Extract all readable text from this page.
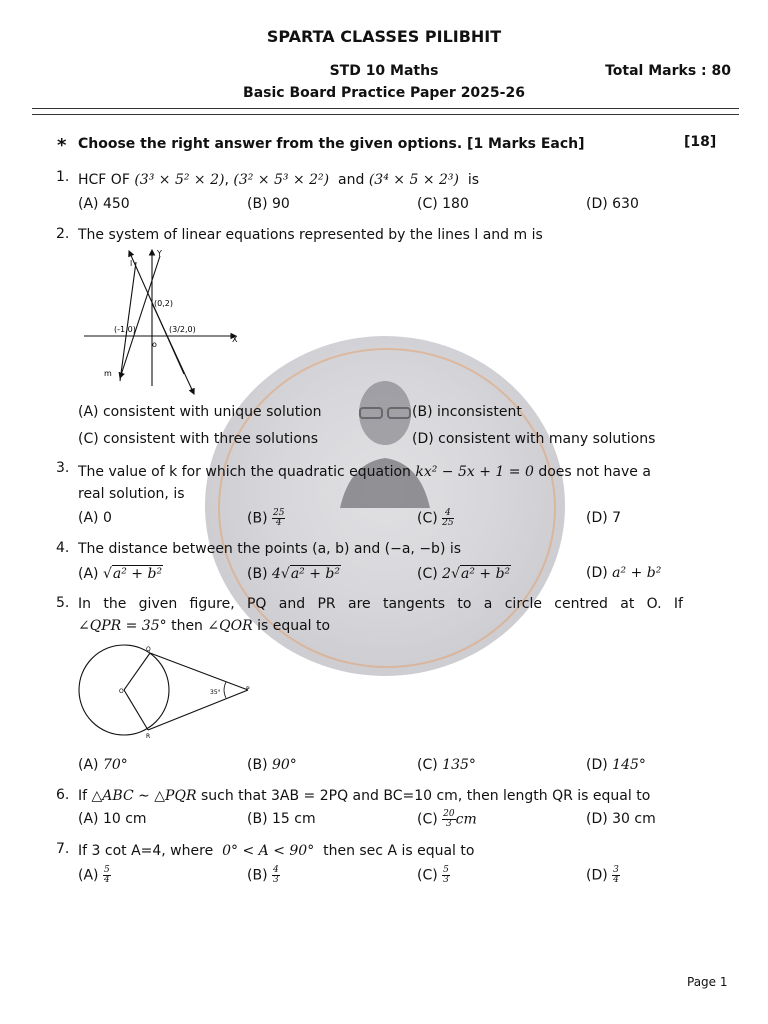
SPARTA CLASSES PILIBHIT
STD 10 Maths	Total Marks : 80
Basic Board Practice Paper 2025-26
* Choose the right answer from the given options. [1 Marks Each]	[18]
1. HCF OF (3³ × 5² × 2), (3² × 5³ × 2²) and (3⁴ × 5 × 2³) is
(A) 450	(B) 90	(C) 180	(D) 630
2. The system of linear equations represented by the lines l and m is
l
Y
(0,2)
(-1,0)	(3/2,0)
X
o
m
(A) consistent with unique solution	(B) inconsistent
(C) consistent with three solutions	(D) consistent with many solutions
3. The value of k for which the quadratic equation kx² − 5x + 1 = 0 does not have a
real solution, is
(A) 0	$(B) \frac{25}{4}$	$(C) \frac{4}{25}$	(D) 7
4. The distance between the points (a, b) and (−a, −b) is
(A) √a² + b²	(B) 4√a² + b²	(C) 2√a² + b²	(D) a² + b²
5. In the given figure, PQ and PR are tangents to a circle centred at O. If
∠QPR = 35° then ∠QOR is equal to
Q
O	35°	P
R
(A) 70°	(B) 90°	(C) 135°	(D) 145°
6. If △ABC ∼ △PQR such that 3AB = 2PQ and BC=10 cm, then length QR is equal to
(A) 10 cm	(B) 15 cm	$(C) \frac{20}{3}$ cm	(D) 30 cm
7. If 3 cot A=4, where 0° < A < 90° then sec A is equal to
$(A) \frac{5}{4}$	$(B) \frac{4}{3}$	$(C) \frac{5}{3}$	$(D) \frac{3}{4}$
Page 1
